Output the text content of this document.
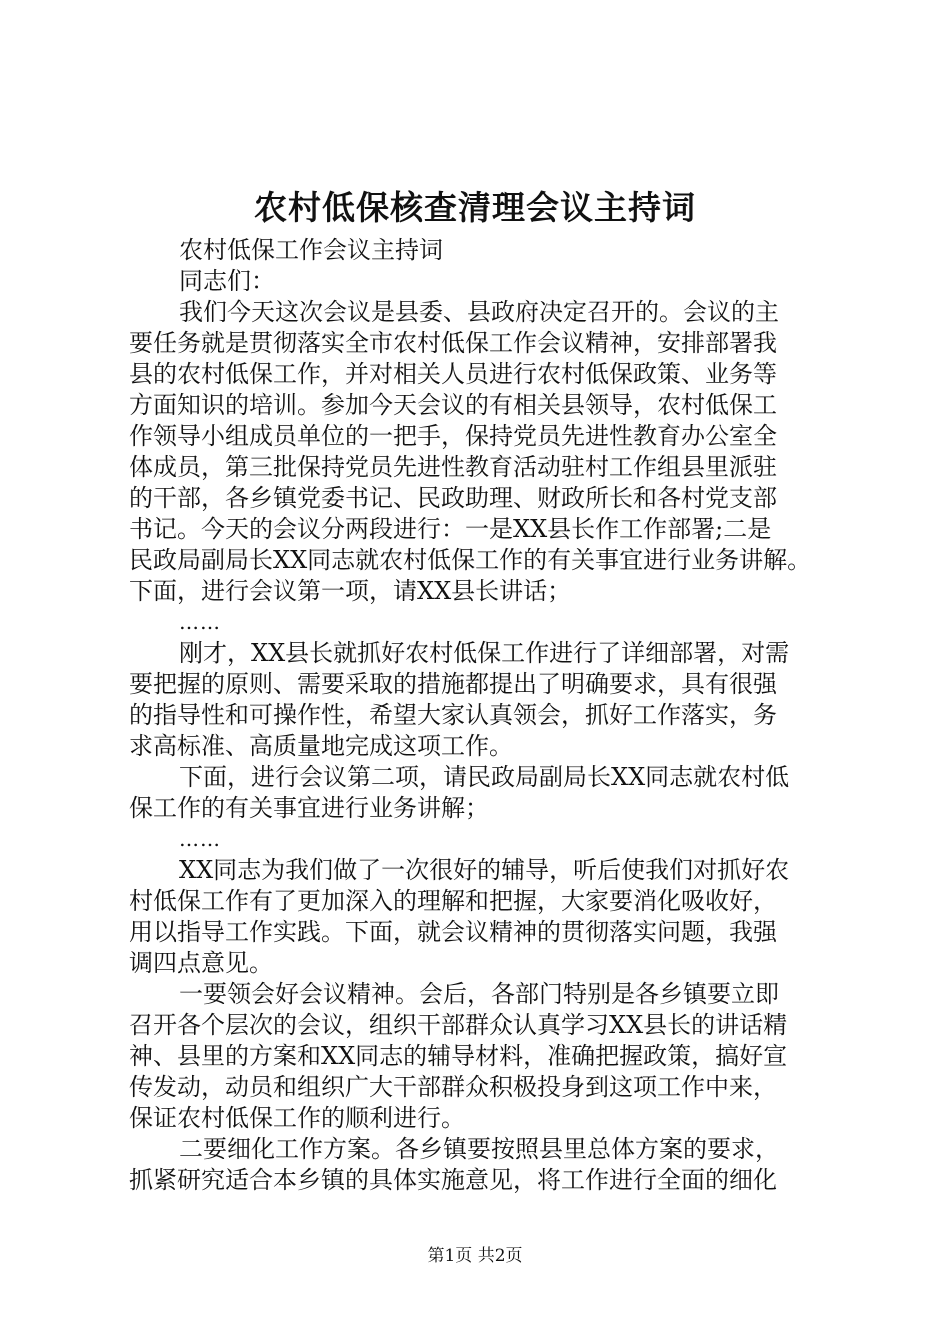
农村低保核查清理会议主持词
农村低保工作会议主持词
同志们：
我们今天这次会议是县委、县政府决定召开的。会议的主
要任务就是贯彻落实全市农村低保工作会议精神，安排部署我
县的农村低保工作，并对相关人员进行农村低保政策、业务等
方面知识的培训。参加今天会议的有相关县领导，农村低保工
作领导小组成员单位的一把手，保持党员先进性教育办公室全
体成员，第三批保持党员先进性教育活动驻村工作组县里派驻
的干部，各乡镇党委书记、民政助理、财政所长和各村党支部
书记。今天的会议分两段进行：一是XX县长作工作部署;二是
民政局副局长XX同志就农村低保工作的有关事宜进行业务讲解。
下面，进行会议第一项，请XX县长讲话；
……
刚才，XX县长就抓好农村低保工作进行了详细部署，对需
要把握的原则、需要采取的措施都提出了明确要求，具有很强
的指导性和可操作性，希望大家认真领会，抓好工作落实，务
求高标准、高质量地完成这项工作。
下面，进行会议第二项，请民政局副局长XX同志就农村低
保工作的有关事宜进行业务讲解；
……
XX同志为我们做了一次很好的辅导，听后使我们对抓好农
村低保工作有了更加深入的理解和把握，大家要消化吸收好，
用以指导工作实践。下面，就会议精神的贯彻落实问题，我强
调四点意见。
一要领会好会议精神。会后，各部门特别是各乡镇要立即
召开各个层次的会议，组织干部群众认真学习XX县长的讲话精
神、县里的方案和XX同志的辅导材料，准确把握政策，搞好宣
传发动，动员和组织广大干部群众积极投身到这项工作中来，
保证农村低保工作的顺利进行。
二要细化工作方案。各乡镇要按照县里总体方案的要求，
抓紧研究适合本乡镇的具体实施意见，将工作进行全面的细化
第1页 共2页
